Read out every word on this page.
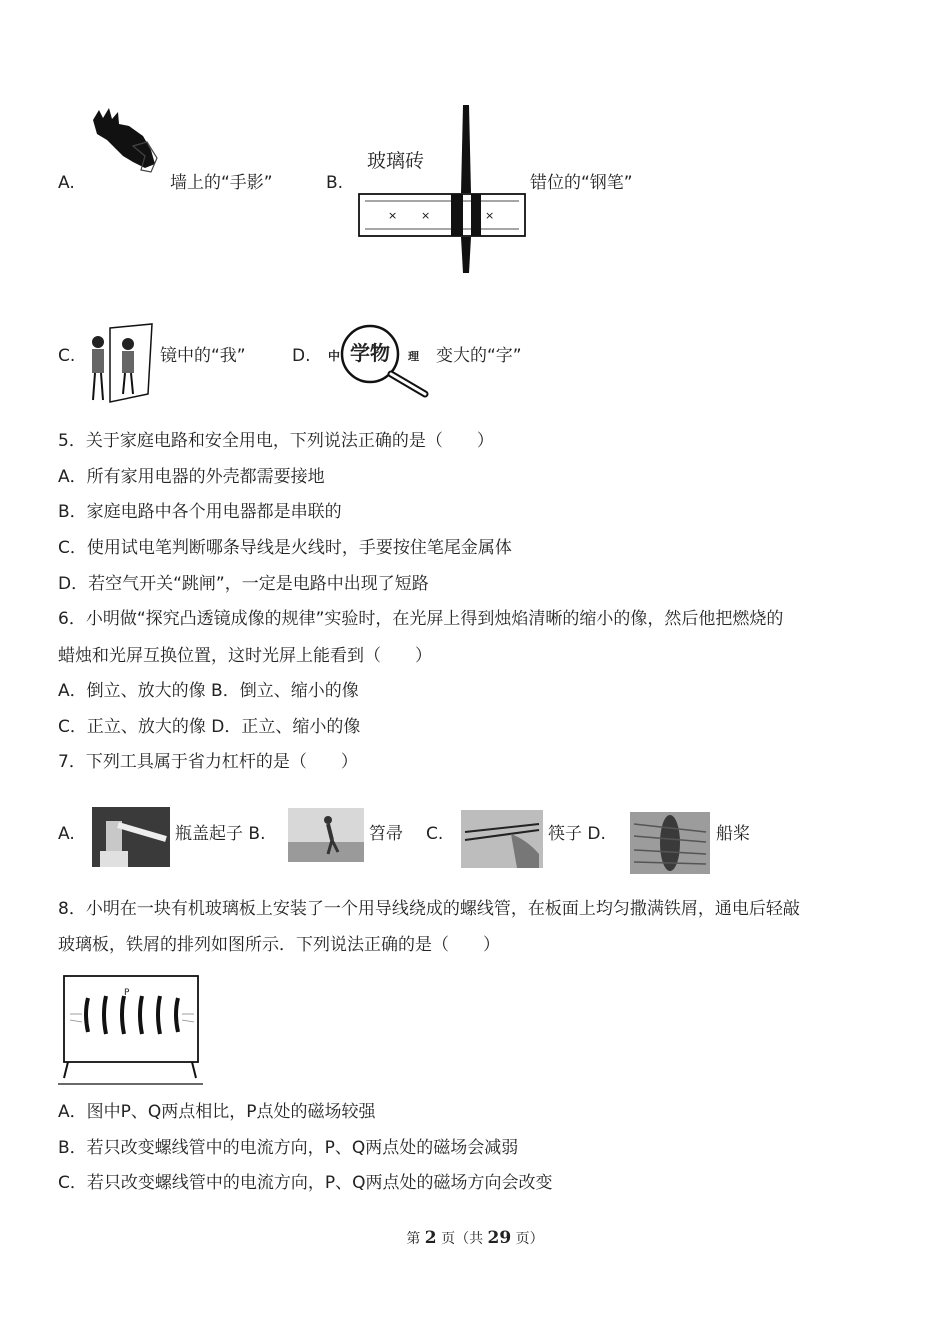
A.	墙上的“手影”	B.
× ×	×
玻璃砖
错位的“钢笔”
C.	镜中的“我”	D. 中 学物 理 变大的“字”
5．关于家庭电路和安全用电，下列说法正确的是（　　）
A．所有家用电器的外壳都需要接地
B．家庭电路中各个用电器都是串联的
C．使用试电笔判断哪条导线是火线时，手要按住笔尾金属体
D．若空气开关“跳闸”，一定是电路中出现了短路
6．小明做“探究凸透镜成像的规律”实验时，在光屏上得到烛焰清晰的缩小的像，然后他把燃烧的
蜡烛和光屏互换位置，这时光屏上能看到（　　）
A．倒立、放大的像 B．倒立、缩小的像
C．正立、放大的像 D．正立、缩小的像
7．下列工具属于省力杠杆的是（　　）
A.	瓶盖起子 B.	笤帚 C.	筷子 D.	船桨
8．小明在一块有机玻璃板上安装了一个用导线绕成的螺线管，在板面上均匀撒满铁屑，通电后轻敲
玻璃板，铁屑的排列如图所示．下列说法正确的是（　　）
P
A．图中P、Q两点相比，P点处的磁场较强
B．若只改变螺线管中的电流方向，P、Q两点处的磁场会减弱
C．若只改变螺线管中的电流方向，P、Q两点处的磁场方向会改变
第 2 页（共 29 页）
